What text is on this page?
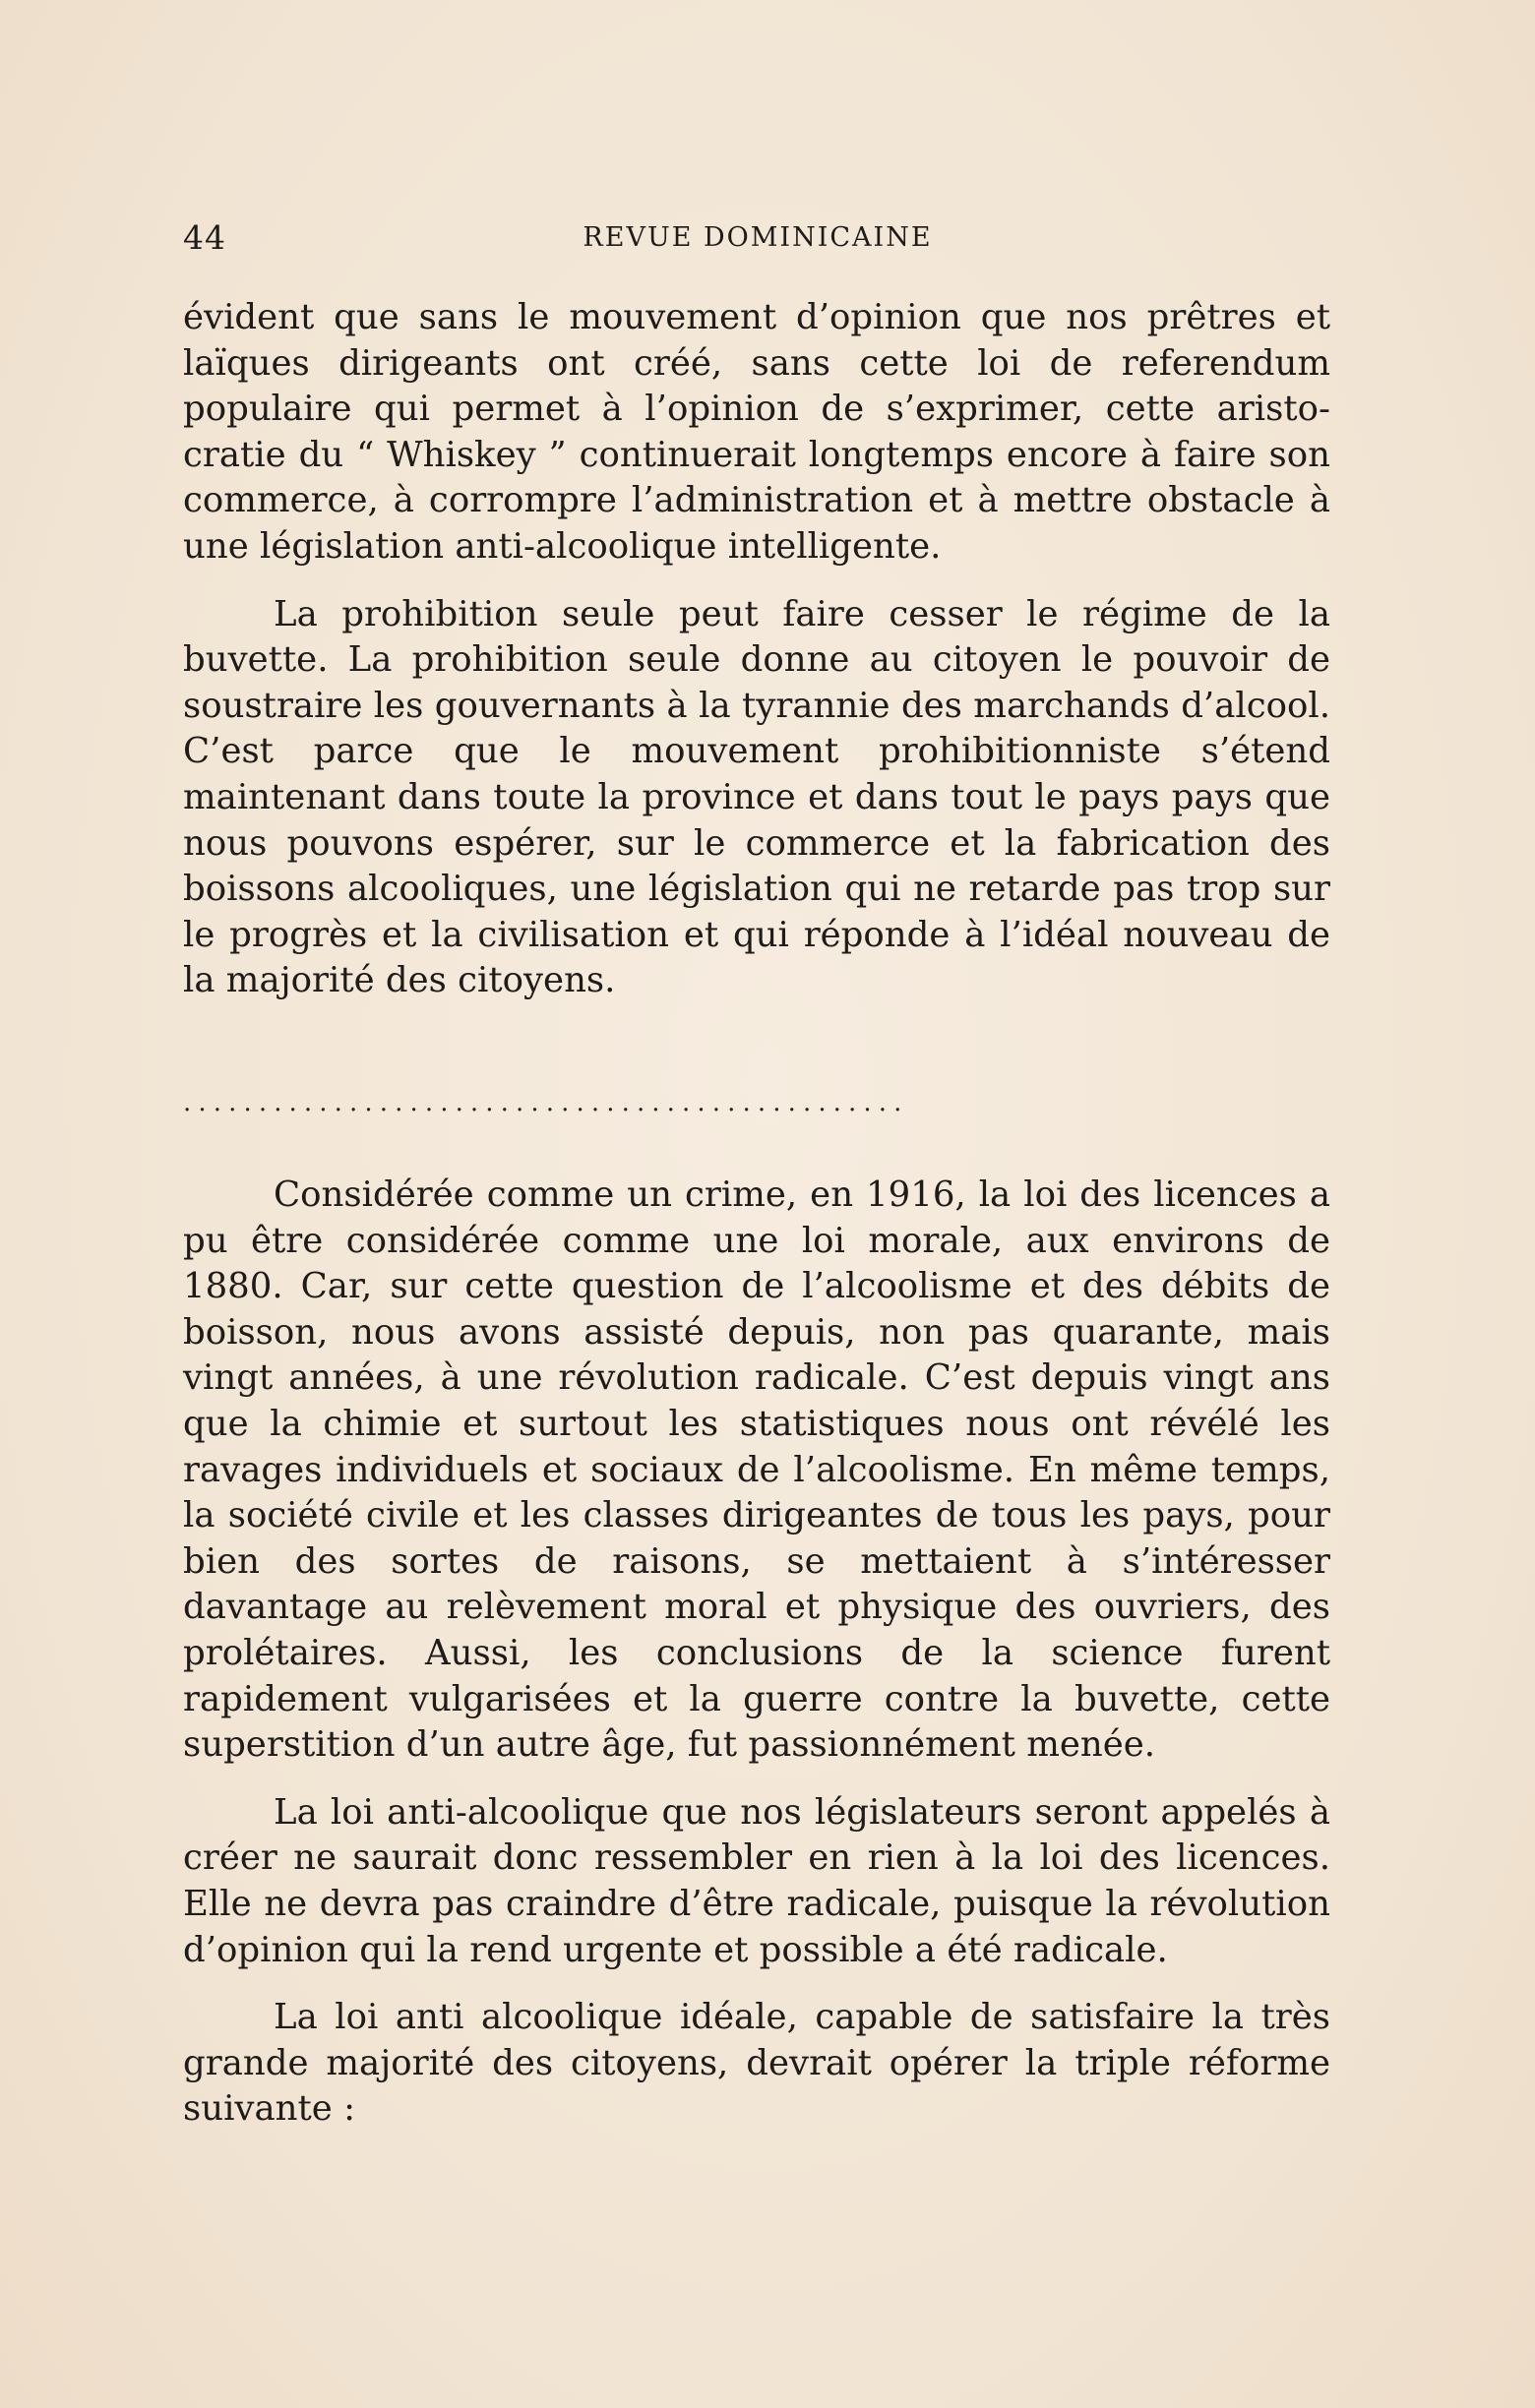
44	REVUE DOMINICAINE

évident que sans le mouvement d’opinion que nos prêtres et laïques dirigeants ont créé, sans cette loi de referendum populaire qui permet à l’opinion de s’exprimer, cette aristocratie du “ Whiskey ” continuerait longtemps encore à faire son commerce, à corrompre l’administration et à mettre obstacle à une législation anti-alcoolique intelligente.

La prohibition seule peut faire cesser le régime de la buvette. La prohibition seule donne au citoyen le pouvoir de soustraire les gouvernants à la tyrannie des marchands d’alcool. C’est parce que le mouvement prohibitionniste s’étend maintenant dans toute la province et dans tout le pays pays que nous pouvons espérer, sur le commerce et la fabrication des boissons alcooliques, une législation qui ne retarde pas trop sur le progrès et la civilisation et qui réponde à l’idéal nouveau de la majorité des citoyens.

................................................

Considérée comme un crime, en 1916, la loi des licences a pu être considérée comme une loi morale, aux environs de 1880. Car, sur cette question de l’alcoolisme et des débits de boisson, nous avons assisté depuis, non pas quarante, mais vingt années, à une révolution radicale. C’est depuis vingt ans que la chimie et surtout les statistiques nous ont révélé les ravages individuels et sociaux de l’alcoolisme. En même temps, la société civile et les classes dirigeantes de tous les pays, pour bien des sortes de raisons, se mettaient à s’intéresser davantage au relèvement moral et physique des ouvriers, des prolétaires. Aussi, les conclusions de la science furent rapidement vulgarisées et la guerre contre la buvette, cette superstition d’un autre âge, fut passionnément menée.

La loi anti-alcoolique que nos législateurs seront appelés à créer ne saurait donc ressembler en rien à la loi des licences. Elle ne devra pas craindre d’être radicale, puisque la révolution d’opinion qui la rend urgente et possible a été radicale.

La loi anti alcoolique idéale, capable de satisfaire la très grande majorité des citoyens, devrait opérer la triple réforme suivante :
